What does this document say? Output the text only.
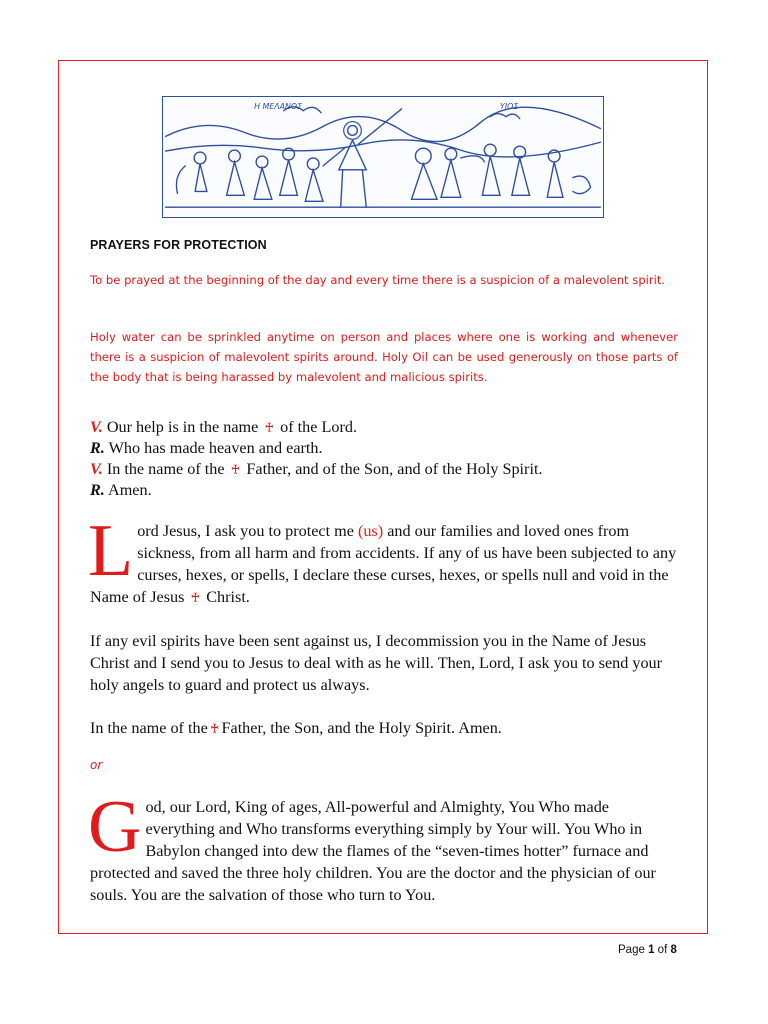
Η ΜΕΛΑΝΟΣ	ΥΙΟΣ
PRAYERS FOR PROTECTION
To be prayed at the beginning of the day and every time there is a suspicion of a malevolent spirit.
Holy water can be sprinkled anytime on person and places where one is working and whenever there is a suspicion of malevolent spirits around. Holy Oil can be used generously on those parts of the body that is being harassed by malevolent and malicious spirits.
V. Our help is in the name ♰ of the Lord.
R. Who has made heaven and earth.
V. In the name of the ♰ Father, and of the Son, and of the Holy Spirit.
R. Amen.
L ord Jesus, I ask you to protect me (us) and our families and loved ones from sickness, from all harm and from accidents. If any of us have been subjected to any curses, hexes, or spells, I declare these curses, hexes, or spells null and void in the Name of Jesus ♰ Christ.
If any evil spirits have been sent against us, I decommission you in the Name of Jesus Christ and I send you to Jesus to deal with as he will. Then, Lord, I ask you to send your holy angels to guard and protect us always.
In the name of the ♰ Father, the Son, and the Holy Spirit. Amen.
or
G od, our Lord, King of ages, All-powerful and Almighty, You Who made everything and Who transforms everything simply by Your will. You Who in Babylon changed into dew the flames of the “seven-times hotter” furnace and protected and saved the three holy children. You are the doctor and the physician of our souls. You are the salvation of those who turn to You.
Page 1 of 8
